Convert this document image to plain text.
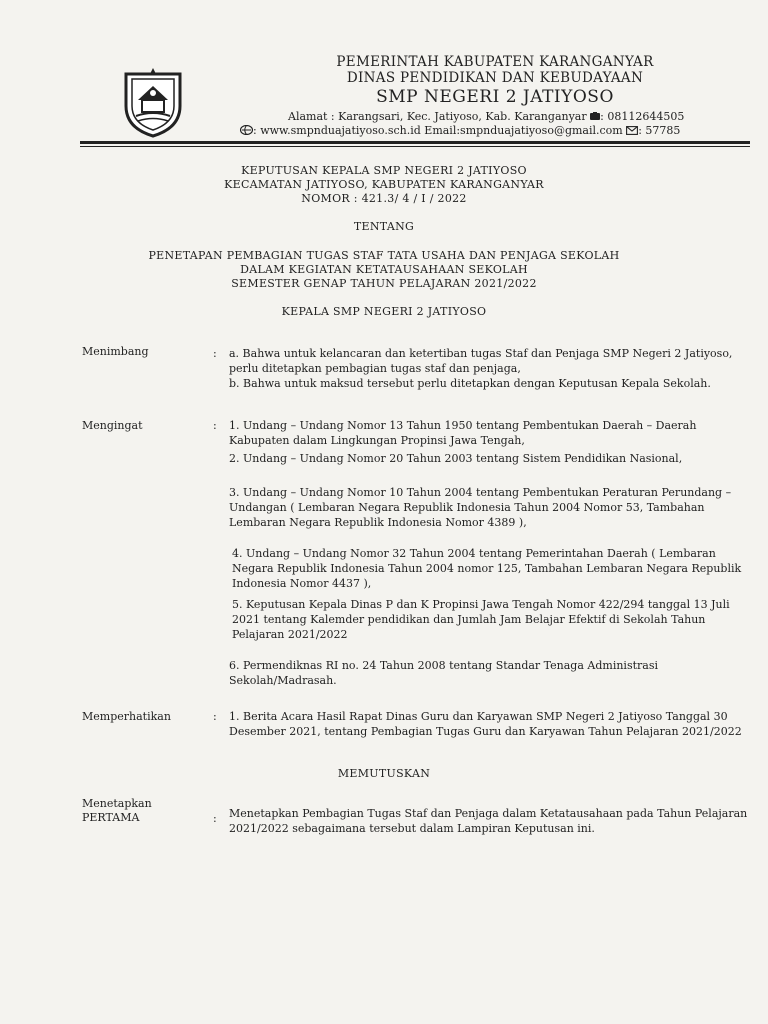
PEMERINTAH KABUPATEN KARANGANYAR
DINAS PENDIDIKAN DAN KEBUDAYAAN
SMP NEGERI 2 JATIYOSO
Alamat : Karangsari, Kec. Jatiyoso, Kab. Karanganyar : 08112644505
: www.smpnduajatiyoso.sch.id Email:smpnduajatiyoso@gmail.com : 57785
KEPUTUSAN KEPALA SMP NEGERI 2 JATIYOSO
KECAMATAN JATIYOSO, KABUPATEN KARANGANYAR
NOMOR : 421.3/ 4 / I / 2022
TENTANG
PENETAPAN PEMBAGIAN TUGAS STAF TATA USAHA DAN PENJAGA SEKOLAH
DALAM KEGIATAN KETATAUSAHAAN SEKOLAH
SEMESTER GENAP TAHUN PELAJARAN 2021/2022
KEPALA SMP NEGERI 2 JATIYOSO
Menimbang	: a. Bahwa untuk kelancaran dan ketertiban tugas Staf dan Penjaga SMP Negeri 2 Jatiyoso, perlu ditetapkan pembagian tugas staf dan penjaga,

b. Bahwa untuk maksud tersebut perlu ditetapkan dengan Keputusan Kepala Sekolah.

Mengingat	: 1. Undang – Undang Nomor 13 Tahun 1950 tentang Pembentukan Daerah – Daerah Kabupaten dalam Lingkungan Propinsi Jawa Tengah,
2. Undang – Undang Nomor 20 Tahun 2003 tentang Sistem Pendidikan Nasional,
3. Undang – Undang Nomor 10 Tahun 2004 tentang Pembentukan Peraturan Perundang – Undangan ( Lembaran Negara Republik Indonesia Tahun 2004 Nomor 53, Tambahan Lembaran Negara Republik Indonesia Nomor 4389 ),
4. Undang – Undang Nomor 32 Tahun 2004 tentang Pemerintahan Daerah ( Lembaran Negara Republik Indonesia Tahun 2004 nomor 125, Tambahan Lembaran Negara Republik Indonesia Nomor 4437 ),
5. Keputusan Kepala Dinas P dan K Propinsi Jawa Tengah Nomor 422/294 tanggal 13 Juli 2021 tentang Kalemder pendidikan dan Jumlah Jam Belajar Efektif di Sekolah Tahun Pelajaran 2021/2022
6. Permendiknas RI no. 24 Tahun 2008 tentang Standar Tenaga Administrasi Sekolah/Madrasah.
Memperhatikan	: 1. Berita Acara Hasil Rapat Dinas Guru dan Karyawan SMP Negeri 2 Jatiyoso Tanggal 30 Desember 2021, tentang Pembagian Tugas Guru dan Karyawan Tahun Pelajaran 2021/2022
MEMUTUSKAN
Menetapkan
PERTAMA	: Menetapkan Pembagian Tugas Staf dan Penjaga dalam Ketatausahaan pada Tahun Pelajaran 2021/2022 sebagaimana tersebut dalam Lampiran Keputusan ini.
